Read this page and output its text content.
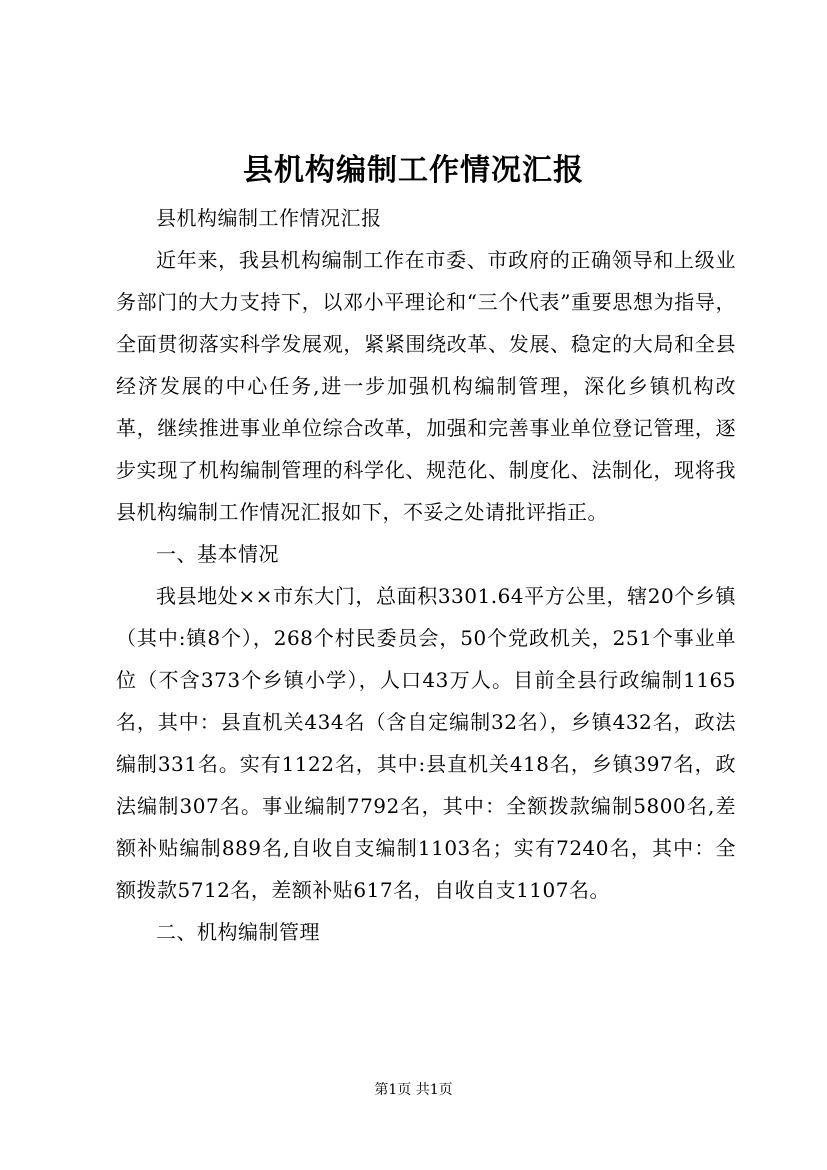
县机构编制工作情况汇报

县机构编制工作情况汇报

近年来，我县机构编制工作在市委、市政府的正确领导和上级业务部门的大力支持下，以邓小平理论和“三个代表”重要思想为指导，全面贯彻落实科学发展观，紧紧围绕改革、发展、稳定的大局和全县经济发展的中心任务,进一步加强机构编制管理，深化乡镇机构改革，继续推进事业单位综合改革，加强和完善事业单位登记管理，逐步实现了机构编制管理的科学化、规范化、制度化、法制化，现将我县机构编制工作情况汇报如下，不妥之处请批评指正。

一、基本情况

我县地处××市东大门，总面积3301.64平方公里，辖20个乡镇（其中:镇8个），268个村民委员会，50个党政机关，251个事业单位（不含373个乡镇小学），人口43万人。目前全县行政编制1165名，其中：县直机关434名（含自定编制32名），乡镇432名，政法编制331名。实有1122名，其中:县直机关418名，乡镇397名，政法编制307名。事业编制7792名，其中：全额拨款编制5800名,差额补贴编制889名,自收自支编制1103名；实有7240名，其中：全额拨款5712名，差额补贴617名，自收自支1107名。

二、机构编制管理

第1页 共1页
